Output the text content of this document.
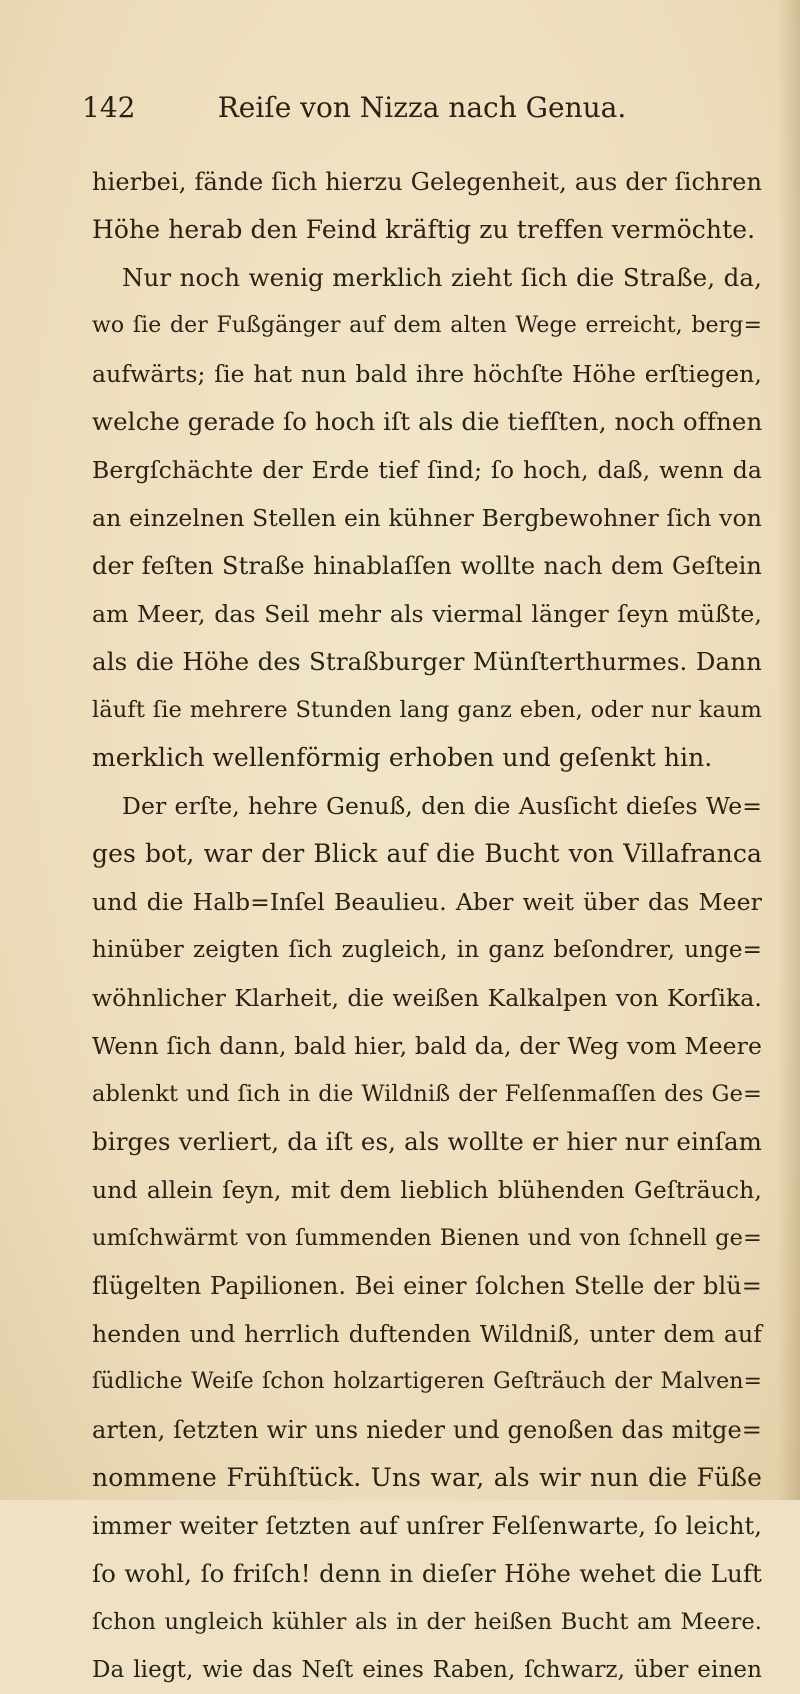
142	Reiſe von Nizza nach Genua.
hierbei, fände ſich hierzu Gelegenheit, aus der ſichren
Höhe herab den Feind kräftig zu treffen vermöchte.
Nur noch wenig merklich zieht ſich die Straße, da,
wo ſie der Fußgänger auf dem alten Wege erreicht, berg=
aufwärts; ſie hat nun bald ihre höchſte Höhe erſtiegen,
welche gerade ſo hoch iſt als die tiefſten, noch offnen
Bergſchächte der Erde tief ſind; ſo hoch, daß, wenn da
an einzelnen Stellen ein kühner Bergbewohner ſich von
der feſten Straße hinablaſſen wollte nach dem Geſtein
am Meer, das Seil mehr als viermal länger ſeyn müßte,
als die Höhe des Straßburger Münſterthurmes. Dann
läuft ſie mehrere Stunden lang ganz eben, oder nur kaum
merklich wellenförmig erhoben und geſenkt hin.
Der erſte, hehre Genuß, den die Ausſicht dieſes We=
ges bot, war der Blick auf die Bucht von Villafranca
und die Halb=Inſel Beaulieu. Aber weit über das Meer
hinüber zeigten ſich zugleich, in ganz beſondrer, unge=
wöhnlicher Klarheit, die weißen Kalkalpen von Korſika.
Wenn ſich dann, bald hier, bald da, der Weg vom Meere
ablenkt und ſich in die Wildniß der Felſenmaſſen des Ge=
birges verliert, da iſt es, als wollte er hier nur einſam
und allein ſeyn, mit dem lieblich blühenden Geſträuch,
umſchwärmt von ſummenden Bienen und von ſchnell ge=
flügelten Papilionen. Bei einer ſolchen Stelle der blü=
henden und herrlich duftenden Wildniß, unter dem auf
ſüdliche Weiſe ſchon holzartigeren Geſträuch der Malven=
arten, ſetzten wir uns nieder und genoßen das mitge=
nommene Frühſtück. Uns war, als wir nun die Füße
immer weiter ſetzten auf unſrer Felſenwarte, ſo leicht,
ſo wohl, ſo friſch! denn in dieſer Höhe wehet die Luft
ſchon ungleich kühler als in der heißen Bucht am Meere.
Da liegt, wie das Neſt eines Raben, ſchwarz, über einen
